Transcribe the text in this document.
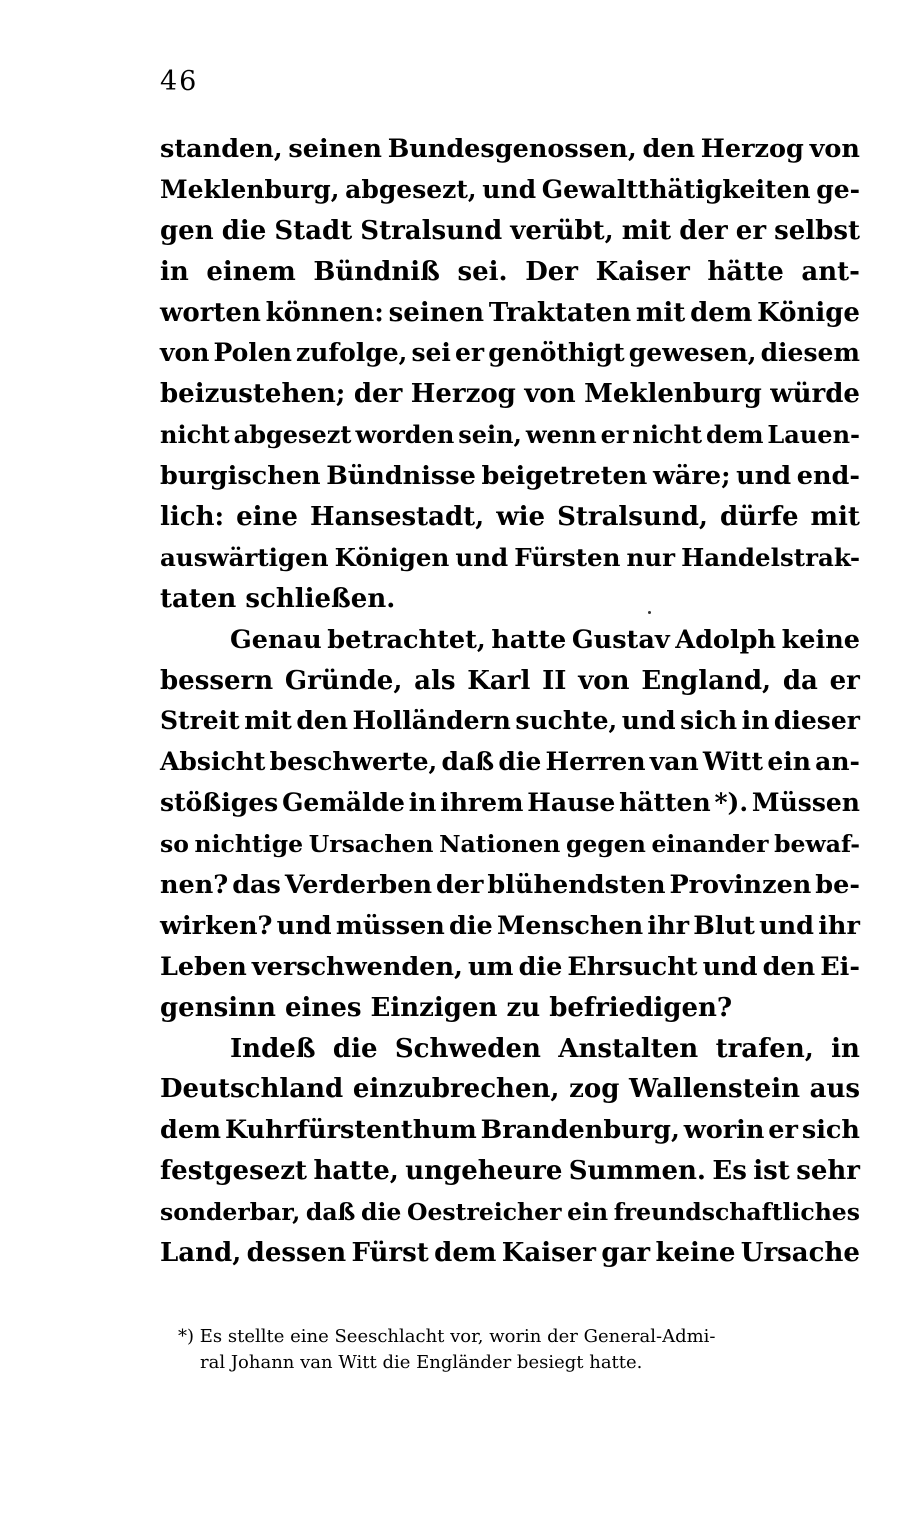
46
standen, seinen Bundesgenossen, den Herzog von
Meklenburg, abgesezt, und Gewaltthätigkeiten ge-
gen die Stadt Stralsund verübt, mit der er selbst
in einem Bündniß sei. Der Kaiser hätte ant-
worten können: seinen Traktaten mit dem Könige
von Polen zufolge, sei er genöthigt gewesen, diesem
beizustehen; der Herzog von Meklenburg würde
nicht abgesezt worden sein, wenn er nicht dem Lauen-
burgischen Bündnisse beigetreten wäre; und end-
lich: eine Hansestadt, wie Stralsund, dürfe mit
auswärtigen Königen und Fürsten nur Handelstrak-
taten schließen.
Genau betrachtet, hatte Gustav Adolph keine
bessern Gründe, als Karl II von England, da er
Streit mit den Holländern suchte, und sich in dieser
Absicht beschwerte, daß die Herren van Witt ein an-
stößiges Gemälde in ihrem Hause hätten *). Müssen
so nichtige Ursachen Nationen gegen einander bewaf-
nen? das Verderben der blühendsten Provinzen be-
wirken? und müssen die Menschen ihr Blut und ihr
Leben verschwenden, um die Ehrsucht und den Ei-
gensinn eines Einzigen zu befriedigen?
Indeß die Schweden Anstalten trafen, in
Deutschland einzubrechen, zog Wallenstein aus
dem Kuhrfürstenthum Brandenburg, worin er sich
festgesezt hatte, ungeheure Summen. Es ist sehr
sonderbar, daß die Oestreicher ein freundschaftliches
Land, dessen Fürst dem Kaiser gar keine Ursache
*) Es stellte eine Seeschlacht vor, worin der General-Admi-
ral Johann van Witt die Engländer besiegt hatte.
